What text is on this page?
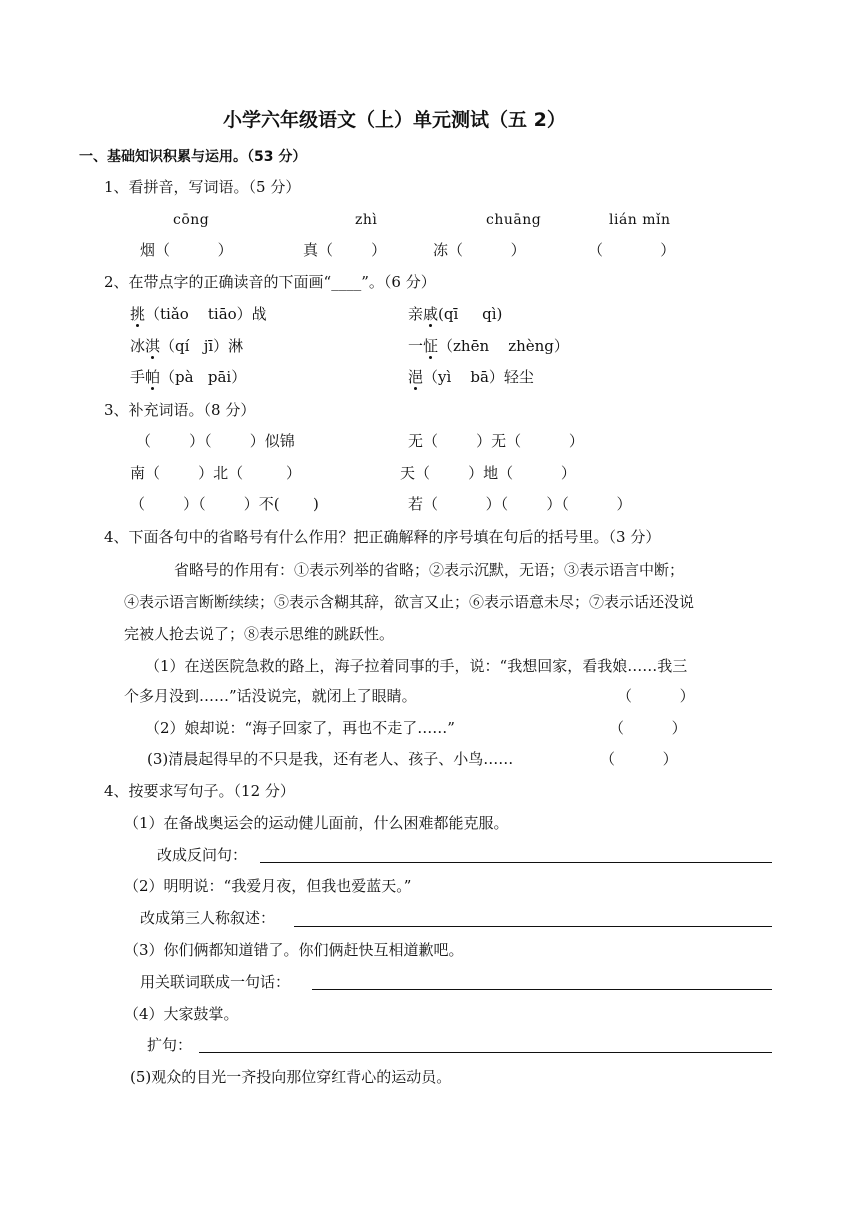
小学六年级语文（上）单元测试（五 2）
一、基础知识积累与运用。（53 分）
1、看拼音，写词语。（5 分）
cōng	zhì	chuāng	lián mǐn
烟（          ）	真（        ）	冻（          ）	（            ）
2、在带点字的正确读音的下面画“____”。（6 分）
挑（tiǎo    tiāo）战	亲戚(qī     qì)
冰淇（qí   jī）淋	一怔（zhēn    zhèng）
手帕（pà   pāi）	浥（yì    bā）轻尘
3、补充词语。（8 分）
（        ）（        ）似锦	无（        ）无（          ）
南（        ）北（         ）	天（        ）地（          ）
（        ）（        ）不(       )	若（          ）（        ）（          ）
4、下面各句中的省略号有什么作用？把正确解释的序号填在句后的括号里。（3 分）
省略号的作用有：①表示列举的省略；②表示沉默，无语；③表示语言中断；
④表示语言断断续续；⑤表示含糊其辞，欲言又止；⑥表示语意未尽；⑦表示话还没说
完被人抢去说了；⑧表示思维的跳跃性。
（1）在送医院急救的路上，海子拉着同事的手，说：“我想回家，看我娘……我三
个多月没到……”话没说完，就闭上了眼睛。	（          ）
（2）娘却说：“海子回家了，再也不走了……”	（          ）
(3)清晨起得早的不只是我，还有老人、孩子、小鸟……	（          ）
4、按要求写句子。（12 分）
（1）在备战奥运会的运动健儿面前，什么困难都能克服。
改成反问句：
（2）明明说：“我爱月夜，但我也爱蓝天。”
改成第三人称叙述：
（3）你们俩都知道错了。你们俩赶快互相道歉吧。
用关联词联成一句话：
（4）大家鼓掌。
扩句：
(5)观众的目光一齐投向那位穿红背心的运动员。
